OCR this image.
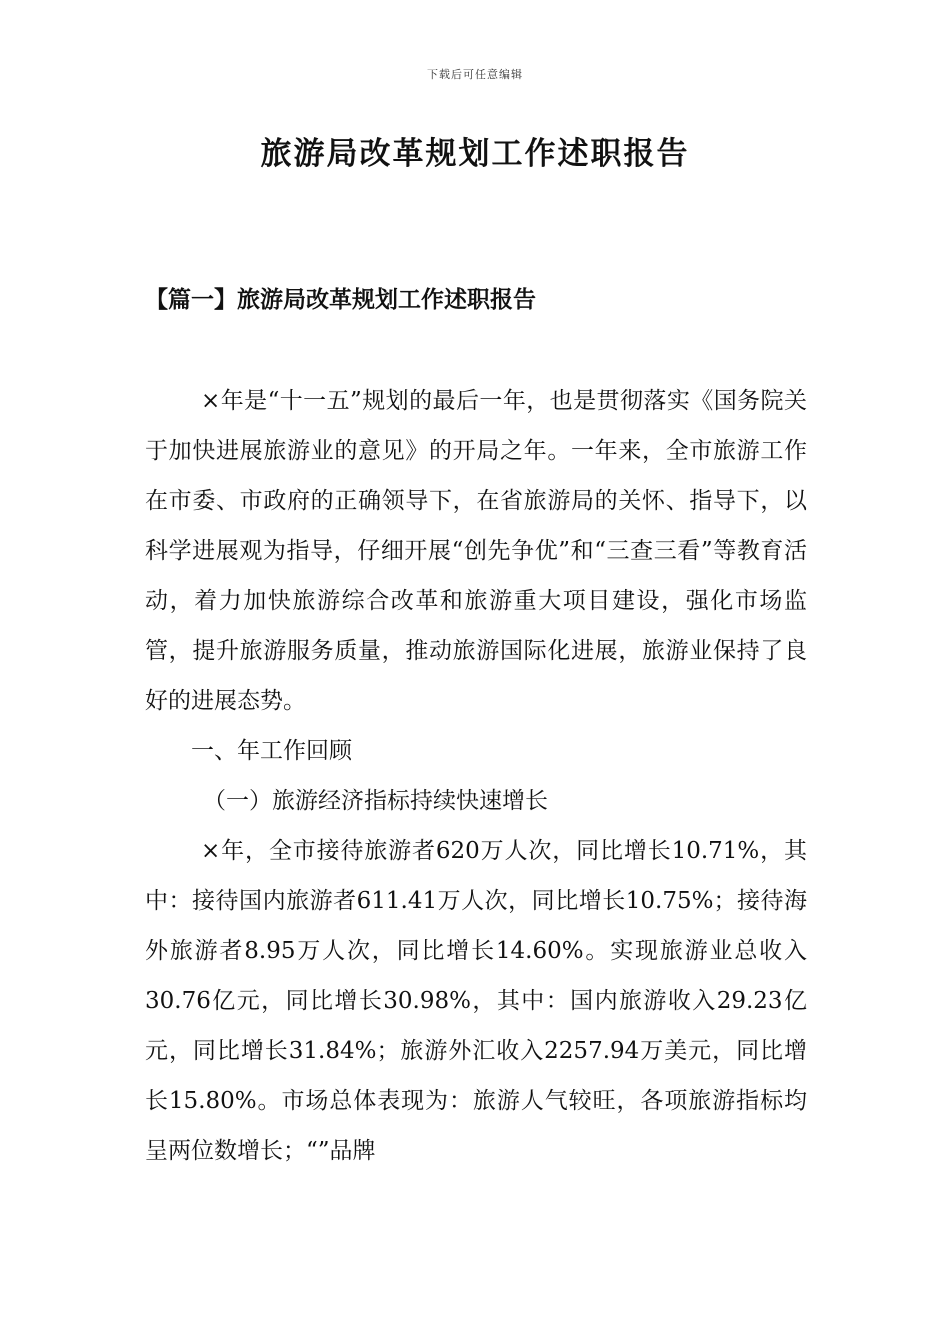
下载后可任意编辑
旅游局改革规划工作述职报告
【篇一】旅游局改革规划工作述职报告

×年是“十一五”规划的最后一年，也是贯彻落实《国务院关于加快进展旅游业的意见》的开局之年。一年来，全市旅游工作在市委、市政府的正确领导下，在省旅游局的关怀、指导下，以科学进展观为指导，仔细开展“创先争优”和“三查三看”等教育活动，着力加快旅游综合改革和旅游重大项目建设，强化市场监管，提升旅游服务质量，推动旅游国际化进展，旅游业保持了良好的进展态势。

一、年工作回顾

（一）旅游经济指标持续快速增长

×年，全市接待旅游者620万人次，同比增长10.71%，其中：接待国内旅游者611.41万人次，同比增长10.75%；接待海外旅游者8.95万人次，同比增长14.60%。实现旅游业总收入30.76亿元，同比增长30.98%，其中：国内旅游收入29.23亿元，同比增长31.84%；旅游外汇收入2257.94万美元，同比增长15.80%。市场总体表现为：旅游人气较旺，各项旅游指标均呈两位数增长；“”品牌
